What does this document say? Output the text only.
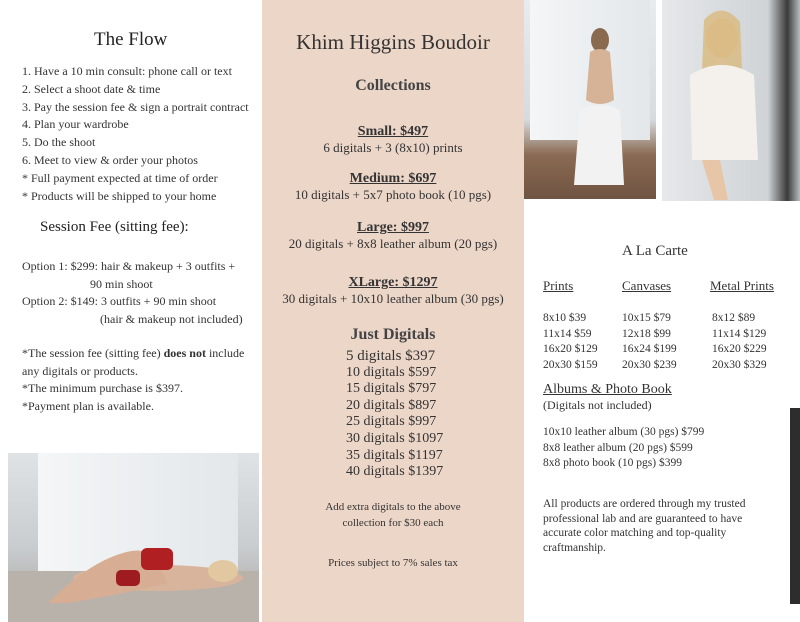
The Flow
1. Have a 10 min consult: phone call or text
2. Select a shoot date & time
3. Pay the session fee & sign a portrait contract
4. Plan your wardrobe
5. Do the shoot
6. Meet to view & order your photos
* Full payment expected at time of order
* Products will be shipped to your home
Session Fee (sitting fee):
Option 1: $299: hair & makeup + 3 outfits +
90 min shoot
Option 2: $149: 3 outfits + 90 min shoot
(hair & makeup not included)
*The session fee (sitting fee) does not include any digitals or products.
*The minimum purchase is $397.
*Payment plan is available.
Khim Higgins Boudoir
Collections
Small: $497
6 digitals + 3 (8x10) prints
Medium: $697
10 digitals + 5x7 photo book (10 pgs)
Large: $997
20 digitals + 8x8 leather album (20 pgs)
XLarge: $1297
30 digitals + 10x10 leather album (30 pgs)
Just Digitals
5 digitals $397
10 digitals $597
15 digitals $797
20 digitals $897
25 digitals $997
30 digitals $1097
35 digitals $1197
40 digitals $1397
Add extra digitals to the above
collection for $30 each
Prices subject to 7% sales tax
A La Carte
Prints	Canvases	Metal Prints
8x10 $39
11x14 $59
16x20 $129
20x30 $159
10x15 $79
12x18 $99
16x24 $199
20x30 $239
8x12 $89
11x14 $129
16x20 $229
20x30 $329
Albums & Photo Book
(Digitals not included)
10x10 leather album (30 pgs) $799
8x8 leather album (20 pgs) $599
8x8 photo book (10 pgs) $399
All products are ordered through my trusted professional lab and are guaranteed to have accurate color matching and top-quality craftmanship.
